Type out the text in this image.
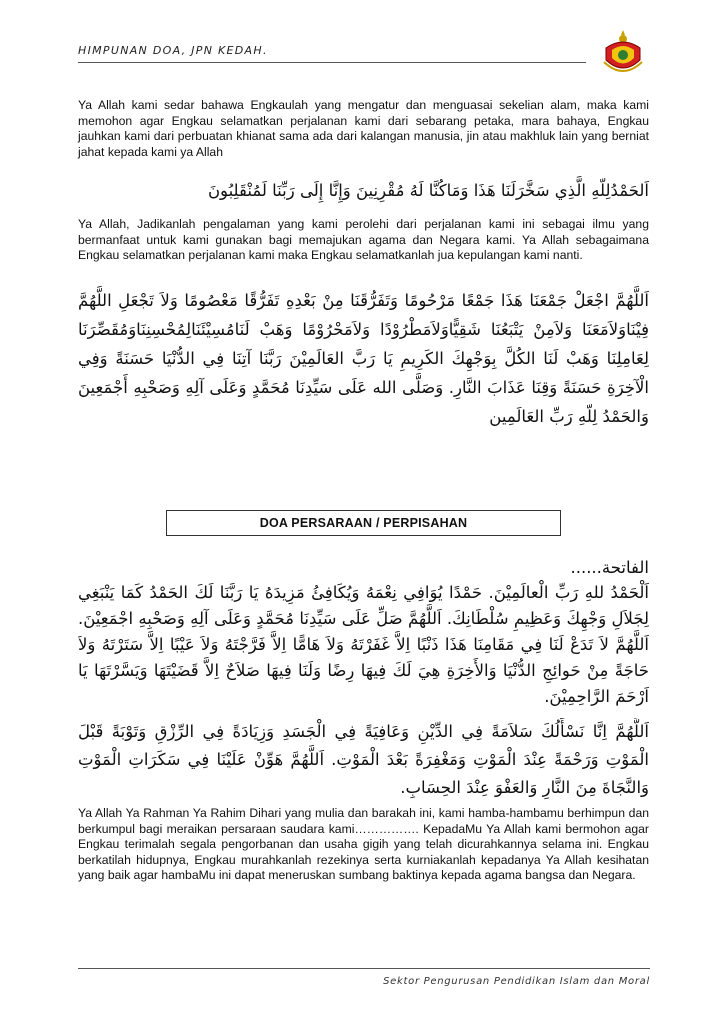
HIMPUNAN DOA, JPN KEDAH.
Ya Allah kami sedar bahawa Engkaulah yang mengatur dan menguasai sekelian alam, maka kami memohon agar Engkau selamatkan perjalanan kami dari sebarang petaka, mara bahaya, Engkau jauhkan kami dari perbuatan khianat sama ada dari kalangan manusia, jin atau makhluk lain yang berniat jahat kepada kami ya Allah
اَلحَمْدُلِلّهِ الَّذِي سَخَّرَلَنَا هَذَا وَمَاكُنَّا لَهُ مُقْرِنِينَ وَإِنَّا إِلَى رَبِّنَا لَمُنْقَلِبُونَ
Ya Allah, Jadikanlah pengalaman yang kami perolehi dari perjalanan kami ini sebagai ilmu yang bermanfaat untuk kami gunakan bagi memajukan agama dan Negara kami. Ya Allah sebagaimana Engkau selamatkan perjalanan kami maka Engkau selamatkanlah jua kepulangan kami nanti.
اَللَّهُمَّ اجْعَلْ جَمْعَنَا هَذَا جَمْعًا مَرْحُومًا وَتَفَرُّقَنَا مِنْ بَعْدِهِ تَفَرُّقًا مَعْصُومًا وَلاَ تَجْعَلِ اللَّهُمَّ فِيْنَاوَلاَمَعَنَا وَلاَمِنْ يَتْبَعُنَا شَقِيًّاوَلاَمَطْرُوْدًا وَلاَمَحْرُوْمًا وَهَبْ لَنَامُسِيْئَنَالِمُحْسِنِنَاوَمُقَصِّرَنَا لِعَامِلِنَا وَهَبْ لَنَا الكُلَّ بِوَجْهِكَ الكَرِيمِ يَا رَبَّ العَالَمِيْنَ رَبَّنَا آتِنَا فِي الدُّنْيَا حَسَنَةً وَفِي الْآخِرَةِ حَسَنَةً وَقِنَا عَذَابَ النَّارِ. وَصَلَّى الله عَلَى سَيِّدِنَا مُحَمَّدٍ وَعَلَى آلِهِ وَصَحْبِهِ أَجْمَعِينَ وَالحَمْدُ لِلّهِ رَبِّ العَالَمِين
DOA PERSARAAN / PERPISAHAN
الفاتحة......
اَلْحَمْدُ للهِ رَبِّ الْعالَمِيْنَ. حَمْدًا يُوَافِي نِعْمَهُ وَيُكَافِئُ مَزِيدَهُ يَا رَبَّنَا لَكَ الحَمْدُ كَمَا يَنْبَغِي لِجَلاَلِ وَجْهِكَ وَعَظِيمِ سُلْطَانِكَ. اَللَّهُمَّ صَلِّ عَلَى سَيِّدِنَا مُحَمَّدٍ وَعَلَى آلِهِ وَصَحْبِهِ اجْمَعِيْنَ. اَللَّهُمَّ لاَ تَدَعْ لَنَا فِي مَقَامِنَا هَذَا ذَنْبًا اِلاَّ غَفَرْتَهُ وَلاَ هَامًّا اِلاَّ فَرَّجْتَهُ وَلاَ عَيْبًا اِلاَّ سَتَرْتَهُ وَلاَ حَاجَةً مِنْ حَوائِجِ الدُّنْيَا وَالأَخِرَةِ هِيَ لَكَ فِيهَا رِضًا وَلَنَا فِيهَا صَلاَحٌ اِلاَّ قَضَيْتَهَا وَيَسَّرْتَهَا يَا اَرْحَمَ الرَّاحِمِيْنَ.
اَللَّهُمَّ اِنَّا نَسْأَلُكَ سَلاَمَةً فِي الدِّيْنِ وَعَافِيَةً فِي الْجَسَدِ وَزِيَادَةً فِي الرِّزْقِ وَتَوْبَةً قَبْلَ الْمَوْتِ وَرَحْمَةً عِنْدَ الْمَوْتِ وَمَغْفِرَةً بَعْدَ الْمَوْتِ. اَللَّهُمَّ هَوِّنْ عَلَيْنَا فِي سَكَرَاتِ الْمَوْتِ وَالنَّجَاةَ مِنَ النَّارِ وَالعَفْوَ عِنْدَ الحِسَابِ.
Ya Allah Ya Rahman Ya Rahim Dihari yang mulia dan barakah ini, kami hamba-hambamu berhimpun dan berkumpul bagi meraikan persaraan saudara kami……………. KepadaMu Ya Allah kami bermohon agar Engkau terimalah segala pengorbanan dan usaha gigih yang telah dicurahkannya selama ini. Engkau berkatilah hidupnya, Engkau murahkanlah rezekinya serta kurniakanlah kepadanya Ya Allah kesihatan yang baik agar hambaMu ini dapat meneruskan sumbang baktinya kepada agama bangsa dan Negara.
Sektor Pengurusan Pendidikan Islam dan Moral
